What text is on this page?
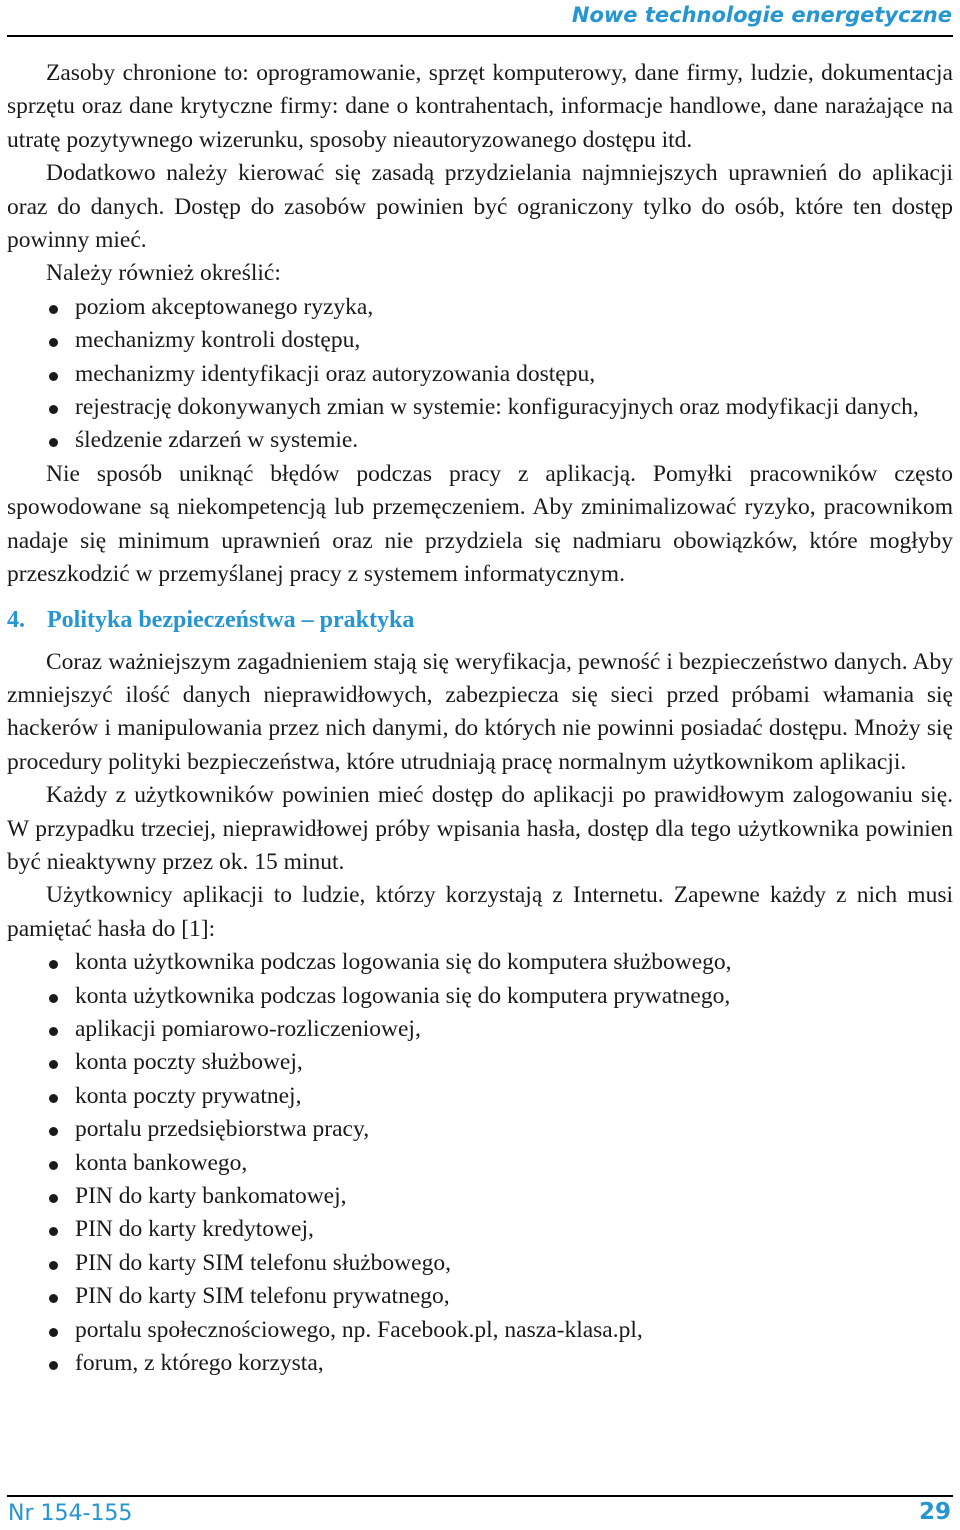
Nowe technologie energetyczne

Zasoby chronione to: oprogramowanie, sprzęt komputerowy, dane firmy, ludzie, dokumentacja sprzętu oraz dane krytyczne firmy: dane o kontrahentach, informacje handlowe, dane narażające na utratę pozytywnego wizerunku, sposoby nieautoryzowanego dostępu itd.

Dodatkowo należy kierować się zasadą przydzielania najmniejszych uprawnień do aplikacji oraz do danych. Dostęp do zasobów powinien być ograniczony tylko do osób, które ten dostęp powinny mieć.

Należy również określić:

poziom akceptowanego ryzyka,
mechanizmy kontroli dostępu,
mechanizmy identyfikacji oraz autoryzowania dostępu,
rejestrację dokonywanych zmian w systemie: konfiguracyjnych oraz modyfikacji danych,
śledzenie zdarzeń w systemie.

Nie sposób uniknąć błędów podczas pracy z aplikacją. Pomyłki pracowników często spowodowane są niekompetencją lub przemęczeniem. Aby zminimalizować ryzyko, pracownikom nadaje się minimum uprawnień oraz nie przydziela się nadmiaru obowiązków, które mogłyby przeszkodzić w przemyślanej pracy z systemem informatycznym.

4. Polityka bezpieczeństwa – praktyka

Coraz ważniejszym zagadnieniem stają się weryfikacja, pewność i bezpieczeństwo danych. Aby zmniejszyć ilość danych nieprawidłowych, zabezpiecza się sieci przed próbami włamania się hackerów i manipulowania przez nich danymi, do których nie powinni posiadać dostępu. Mnoży się procedury polityki bezpieczeństwa, które utrudniają pracę normalnym użytkownikom aplikacji.

Każdy z użytkowników powinien mieć dostęp do aplikacji po prawidłowym zalogowaniu się. W przypadku trzeciej, nieprawidłowej próby wpisania hasła, dostęp dla tego użytkownika powinien być nieaktywny przez ok. 15 minut.

Użytkownicy aplikacji to ludzie, którzy korzystają z Internetu. Zapewne każdy z nich musi pamiętać hasła do [1]:

konta użytkownika podczas logowania się do komputera służbowego,
konta użytkownika podczas logowania się do komputera prywatnego,
aplikacji pomiarowo-rozliczeniowej,
konta poczty służbowej,
konta poczty prywatnej,
portalu przedsiębiorstwa pracy,
konta bankowego,
PIN do karty bankomatowej,
PIN do karty kredytowej,
PIN do karty SIM telefonu służbowego,
PIN do karty SIM telefonu prywatnego,
portalu społecznościowego, np. Facebook.pl, nasza-klasa.pl,
forum, z którego korzysta,
Nr 154-155	29
